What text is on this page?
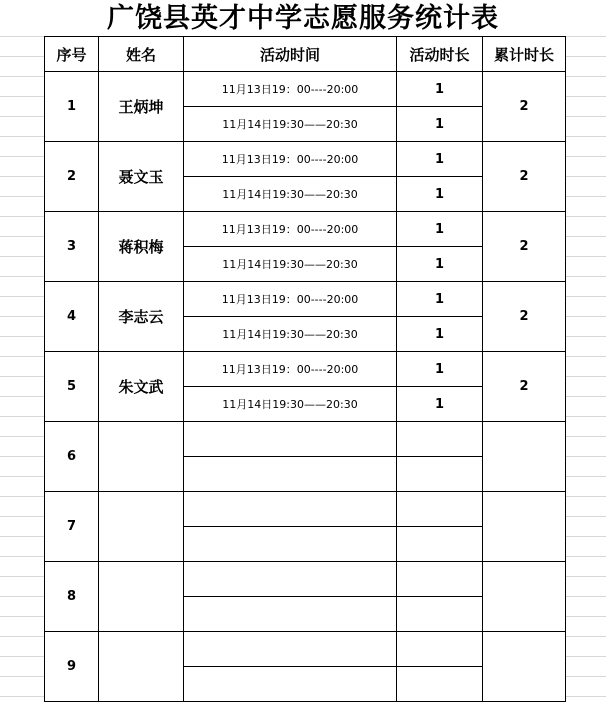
广饶县英才中学志愿服务统计表
序号	姓名	活动时间	活动时长	累计时长
1	王炳坤	11月13日19：00----20:00	1	2
		11月14日19:30——20:30	1	
2	聂文玉	11月13日19：00----20:00	1	2
		11月14日19:30——20:30	1	
3	蒋积梅	11月13日19：00----20:00	1	2
		11月14日19:30——20:30	1	
4	李志云	11月13日19：00----20:00	1	2
		11月14日19:30——20:30	1	
5	朱文武	11月13日19：00----20:00	1	2
		11月14日19:30——20:30	1	
6				

7				

8				

9				
